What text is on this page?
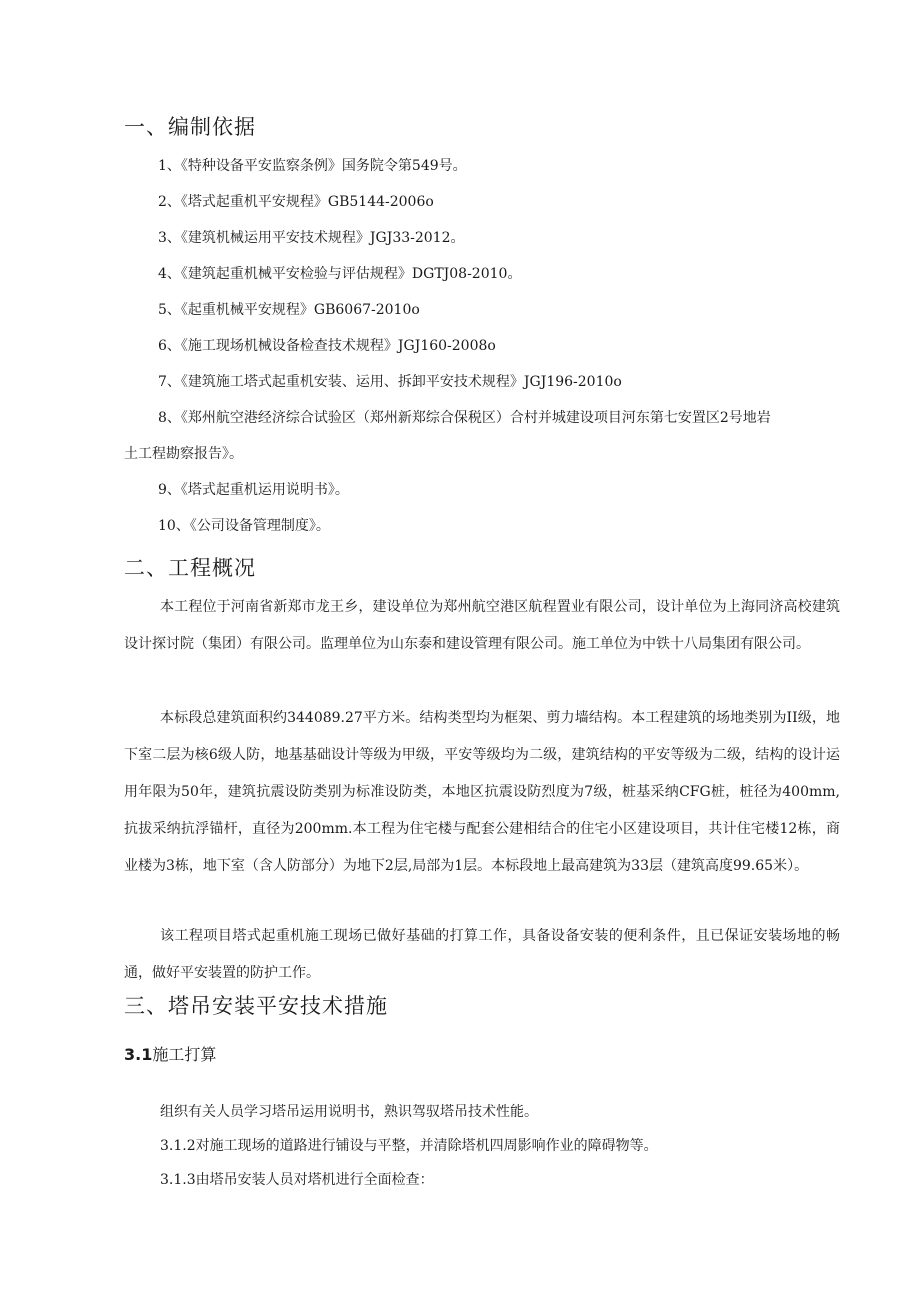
一、编制依据
1、《特种设备平安监察条例》国务院令第549号。
2、《塔式起重机平安规程》GB5144-2006o
3、《建筑机械运用平安技术规程》JGJ33-2012。
4、《建筑起重机械平安检验与评估规程》DGTJ08-2010。
5、《起重机械平安规程》GB6067-2010o
6、《施工现场机械设备检查技术规程》JGJ160-2008o
7、《建筑施工塔式起重机安装、运用、拆卸平安技术规程》JGJ196-2010o
8、《郑州航空港经济综合试验区（郑州新郑综合保税区）合村并城建设项目河东第七安置区2号地岩
土工程勘察报告》。
9、《塔式起重机运用说明书》。
10、《公司设备管理制度》。
二、工程概况

本工程位于河南省新郑市龙王乡，建设单位为郑州航空港区航程置业有限公司，设计单位为上海同济高校建筑设计探讨院（集团）有限公司。监理单位为山东泰和建设管理有限公司。施工单位为中铁十八局集团有限公司。

本标段总建筑面积约344089.27平方米。结构类型均为框架、剪力墙结构。本工程建筑的场地类别为II级，地下室二层为核6级人防，地基基础设计等级为甲级，平安等级均为二级，建筑结构的平安等级为二级，结构的设计运用年限为50年，建筑抗震设防类别为标准设防类，本地区抗震设防烈度为7级，桩基采纳CFG桩，桩径为400mm,抗拔采纳抗浮锚杆，直径为200mm.本工程为住宅楼与配套公建相结合的住宅小区建设项目，共计住宅楼12栋，商业楼为3栋，地下室（含人防部分）为地下2层,局部为1层。本标段地上最高建筑为33层（建筑高度99.65米）。

该工程项目塔式起重机施工现场已做好基础的打算工作，具备设备安装的便利条件，且已保证安装场地的畅通，做好平安装置的防护工作。

三、塔吊安装平安技术措施
3.1施工打算
组织有关人员学习塔吊运用说明书，熟识驾驭塔吊技术性能。
3.1.2对施工现场的道路进行铺设与平整，并清除塔机四周影响作业的障碍物等。
3.1.3由塔吊安装人员对塔机进行全面检查：
